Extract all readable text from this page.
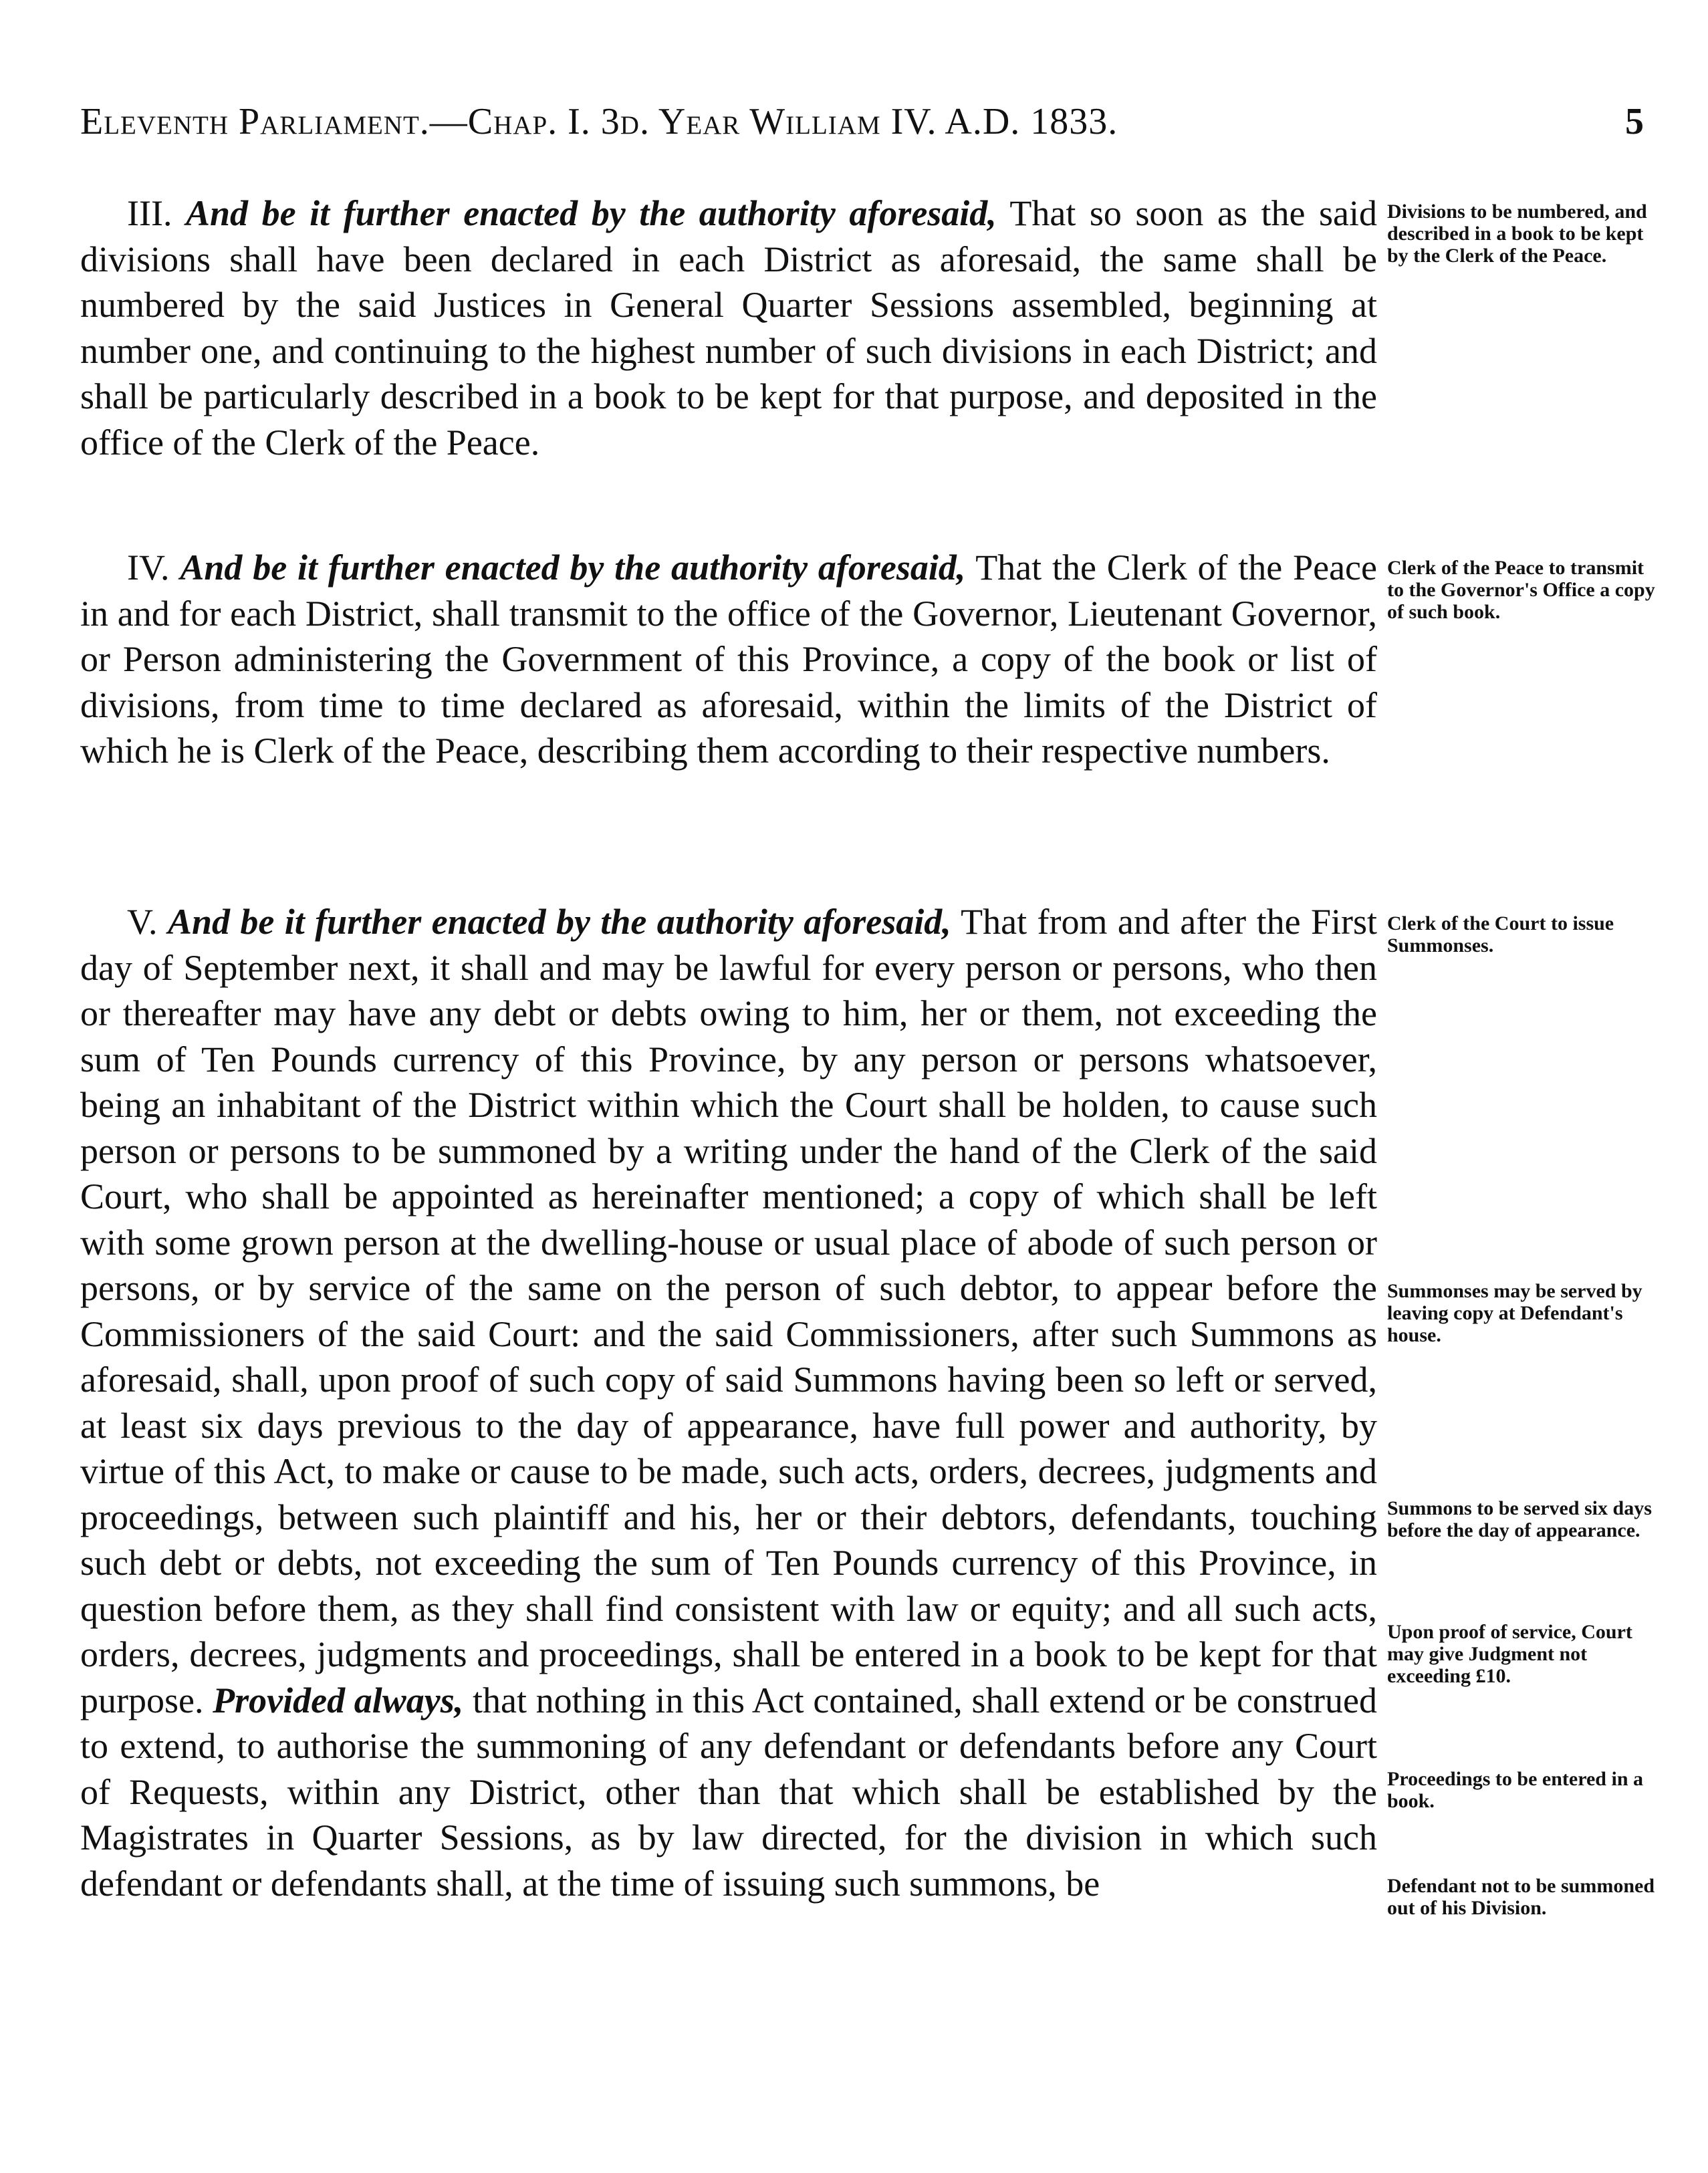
Eleventh Parliament.—Chap. I. 3d. Year William IV. A.D. 1833.	5
III. And be it further enacted by the authority aforesaid, That so soon as the said divisions shall have been declared in each District as aforesaid, the same shall be numbered by the said Justices in General Quarter Sessions assembled, beginning at number one, and continuing to the highest number of such divisions in each District; and shall be particularly described in a book to be kept for that purpose, and deposited in the office of the Clerk of the Peace.
Divisions to be numbered, and described in a book to be kept by the Clerk of the Peace.
IV. And be it further enacted by the authority aforesaid, That the Clerk of the Peace in and for each District, shall transmit to the office of the Governor, Lieutenant Governor, or Person administering the Government of this Province, a copy of the book or list of divisions, from time to time declared as aforesaid, within the limits of the District of which he is Clerk of the Peace, describing them according to their respective numbers.
Clerk of the Peace to transmit to the Governor's Office a copy of such book.
V. And be it further enacted by the authority aforesaid, That from and after the First day of September next, it shall and may be lawful for every person or persons, who then or thereafter may have any debt or debts owing to him, her or them, not exceeding the sum of Ten Pounds currency of this Province, by any person or persons whatsoever, being an inhabitant of the District within which the Court shall be holden, to cause such person or persons to be summoned by a writing under the hand of the Clerk of the said Court, who shall be appointed as hereinafter mentioned; a copy of which shall be left with some grown person at the dwelling-house or usual place of abode of such person or persons, or by service of the same on the person of such debtor, to appear before the Commissioners of the said Court: and the said Commissioners, after such Summons as aforesaid, shall, upon proof of such copy of said Summons having been so left or served, at least six days previous to the day of appearance, have full power and authority, by virtue of this Act, to make or cause to be made, such acts, orders, decrees, judgments and proceedings, between such plaintiff and his, her or their debtors, defendants, touching such debt or debts, not exceeding the sum of Ten Pounds currency of this Province, in question before them, as they shall find consistent with law or equity; and all such acts, orders, decrees, judgments and proceedings, shall be entered in a book to be kept for that purpose. Provided always, that nothing in this Act contained, shall extend or be construed to extend, to authorise the summoning of any defendant or defendants before any Court of Requests, within any District, other than that which shall be established by the Magistrates in Quarter Sessions, as by law directed, for the division in which such defendant or defendants shall, at the time of issuing such summons, be
Clerk of the Court to issue Summonses.
Summonses may be served by leaving copy at Defendant's house.
Summons to be served six days before the day of appearance.
Upon proof of service, Court may give Judgment not exceeding £10.
Proceedings to be entered in a book.
Defendant not to be summoned out of his Division.
